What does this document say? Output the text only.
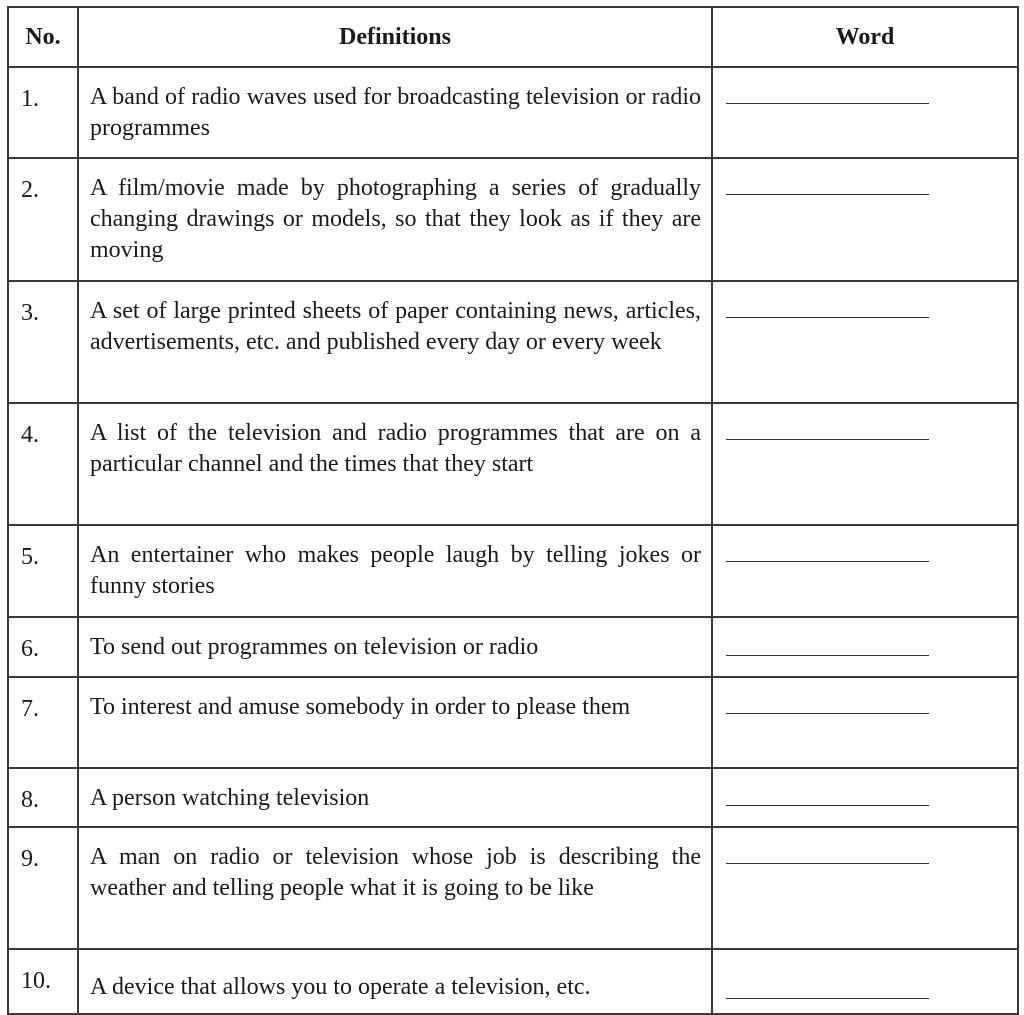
No.	Definitions	Word
1.	A band of radio waves used for broadcasting television or radio programmes	

2.	A film/movie made by photographing a series of gradually changing drawings or models, so that they look as if they are moving	

3.	A set of large printed sheets of paper containing news, articles, advertisements, etc. and published every day or every week	

4.	A list of the television and radio programmes that are on a particular channel and the times that they start	

5.	An entertainer who makes people laugh by telling jokes or funny stories	

6.	To send out programmes on television or radio	

7.	To interest and amuse somebody in order to please them	

8.	A person watching television	

9.	A man on radio or television whose job is describing the weather and telling people what it is going to be like	

10.	A device that allows you to operate a television, etc.	
